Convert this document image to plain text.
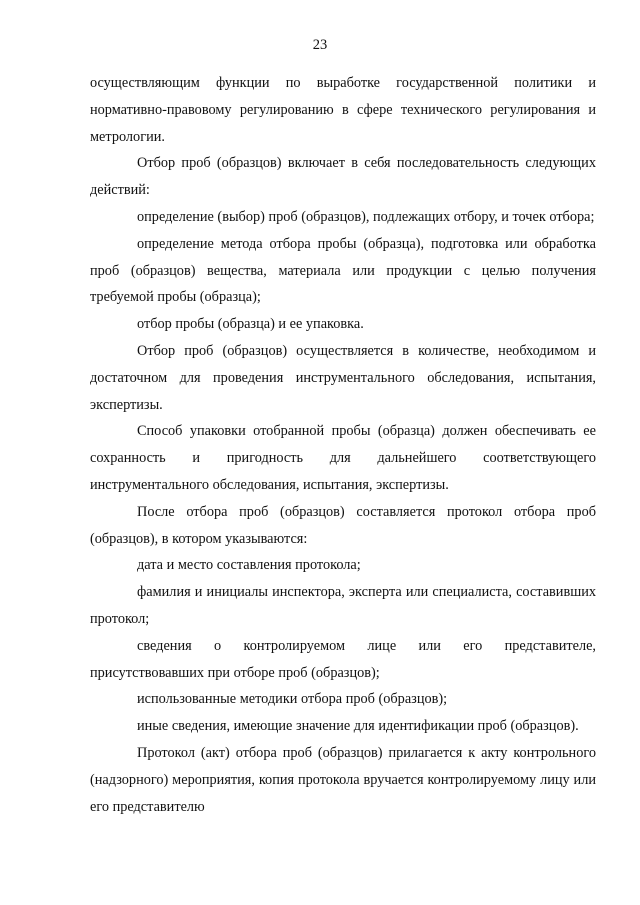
23

осуществляющим функции по выработке государственной политики и нормативно-правовому регулированию в сфере технического регулирования и метрологии.

Отбор проб (образцов) включает в себя последовательность следующих действий:

определение (выбор) проб (образцов), подлежащих отбору, и точек отбора;

определение метода отбора пробы (образца), подготовка или обработка проб (образцов) вещества, материала или продукции с целью получения требуемой пробы (образца);

отбор пробы (образца) и ее упаковка.

Отбор проб (образцов) осуществляется в количестве, необходимом и достаточном для проведения инструментального обследования, испытания, экспертизы.

Способ упаковки отобранной пробы (образца) должен обеспечивать ее сохранность и пригодность для дальнейшего соответствующего инструментального обследования, испытания, экспертизы.

После отбора проб (образцов) составляется протокол отбора проб (образцов), в котором указываются:

дата и место составления протокола;

фамилия и инициалы инспектора, эксперта или специалиста, составивших протокол;

сведения о контролируемом лице или его представителе, присутствовавших при отборе проб (образцов);

использованные методики отбора проб (образцов);

иные сведения, имеющие значение для идентификации проб (образцов).

Протокол (акт) отбора проб (образцов) прилагается к акту контрольного (надзорного) мероприятия, копия протокола вручается контролируемому лицу или его представителю
